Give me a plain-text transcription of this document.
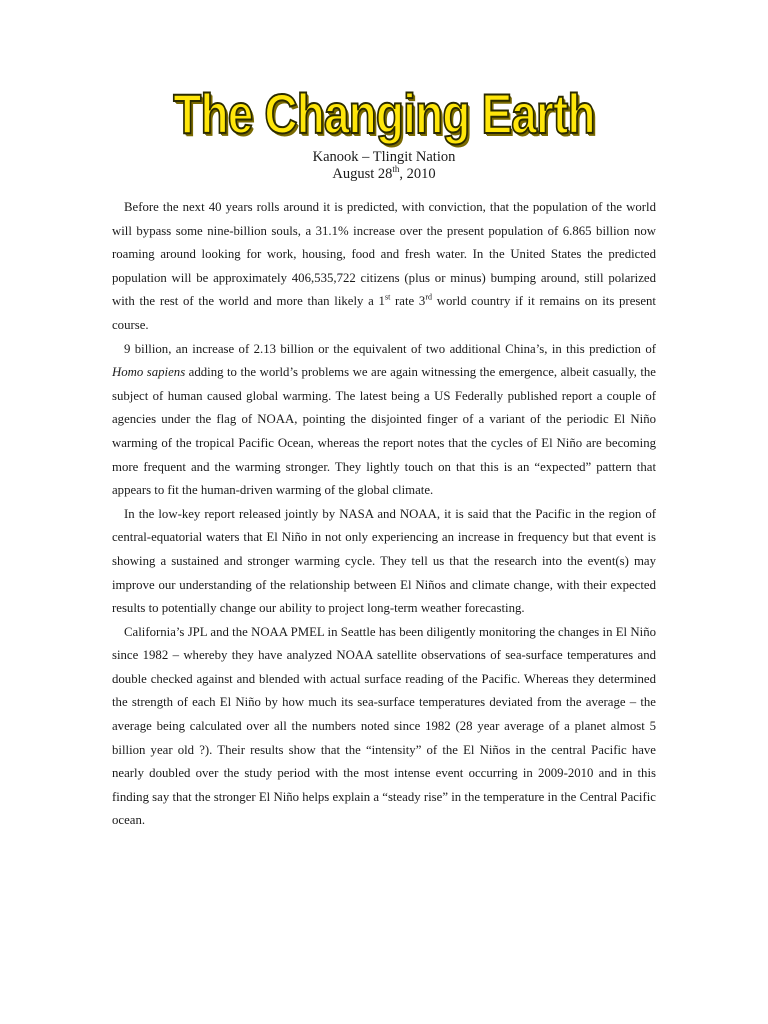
The Changing Earth
Kanook – Tlingit Nation
August 28th, 2010

Before the next 40 years rolls around it is predicted, with conviction, that the population of the world will bypass some nine-billion souls, a 31.1% increase over the present population of 6.865 billion now roaming around looking for work, housing, food and fresh water. In the United States the predicted population will be approximately 406,535,722 citizens (plus or minus) bumping around, still polarized with the rest of the world and more than likely a 1st rate 3rd world country if it remains on its present course.

9 billion, an increase of 2.13 billion or the equivalent of two additional China’s, in this prediction of Homo sapiens adding to the world’s problems we are again witnessing the emergence, albeit casually, the subject of human caused global warming. The latest being a US Federally published report a couple of agencies under the flag of NOAA, pointing the disjointed finger of a variant of the periodic El Niño warming of the tropical Pacific Ocean, whereas the report notes that the cycles of El Niño are becoming more frequent and the warming stronger. They lightly touch on that this is an “expected” pattern that appears to fit the human-driven warming of the global climate.

In the low-key report released jointly by NASA and NOAA, it is said that the Pacific in the region of central-equatorial waters that El Niño in not only experiencing an increase in frequency but that event is showing a sustained and stronger warming cycle. They tell us that the research into the event(s) may improve our understanding of the relationship between El Niños and climate change, with their expected results to potentially change our ability to project long-term weather forecasting.

California’s JPL and the NOAA PMEL in Seattle has been diligently monitoring the changes in El Niño since 1982 – whereby they have analyzed NOAA satellite observations of sea-surface temperatures and double checked against and blended with actual surface reading of the Pacific. Whereas they determined the strength of each El Niño by how much its sea-surface temperatures deviated from the average – the average being calculated over all the numbers noted since 1982 (28 year average of a planet almost 5 billion year old ?). Their results show that the “intensity” of the El Niños in the central Pacific have nearly doubled over the study period with the most intense event occurring in 2009-2010 and in this finding say that the stronger El Niño helps explain a “steady rise” in the temperature in the Central Pacific ocean.
